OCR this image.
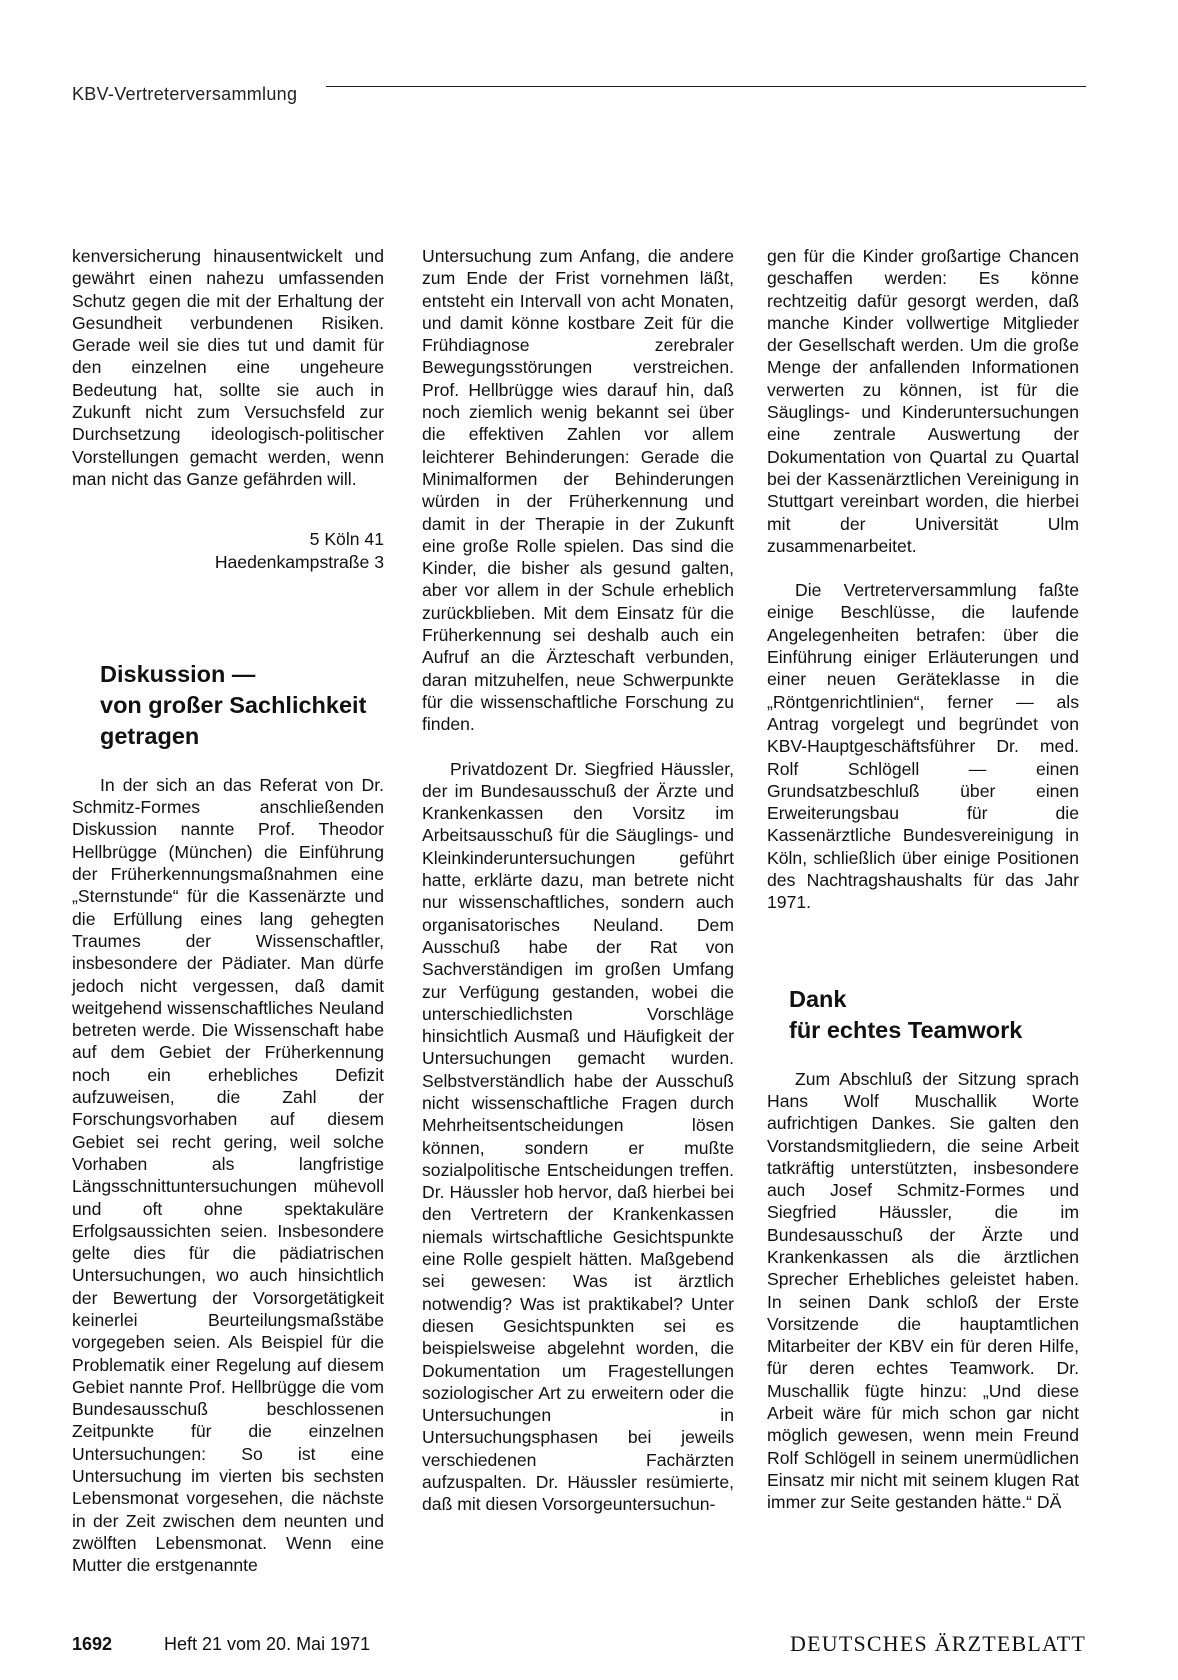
KBV-Vertreterversammlung

kenversicherung hinausentwickelt und gewährt einen nahezu umfassenden Schutz gegen die mit der Erhaltung der Gesundheit verbundenen Risiken. Gerade weil sie dies tut und damit für den einzelnen eine ungeheure Bedeutung hat, sollte sie auch in Zukunft nicht zum Versuchsfeld zur Durchsetzung ideologisch-politischer Vorstellungen gemacht werden, wenn man nicht das Ganze gefährden will.

5 Köln 41
Haedenkampstraße 3
Diskussion —
von großer Sachlichkeit
getragen

In der sich an das Referat von Dr. Schmitz-Formes anschließenden Diskussion nannte Prof. Theodor Hellbrügge (München) die Einführung der Früherkennungsmaßnahmen eine „Sternstunde“ für die Kassenärzte und die Erfüllung eines lang gehegten Traumes der Wissenschaftler, insbesondere der Pädiater. Man dürfe jedoch nicht vergessen, daß damit weitgehend wissenschaftliches Neuland betreten werde. Die Wissenschaft habe auf dem Gebiet der Früherkennung noch ein erhebliches Defizit aufzuweisen, die Zahl der Forschungsvorhaben auf diesem Gebiet sei recht gering, weil solche Vorhaben als langfristige Längsschnittuntersuchungen mühevoll und oft ohne spektakuläre Erfolgsaussichten seien. Insbesondere gelte dies für die pädiatrischen Untersuchungen, wo auch hinsichtlich der Bewertung der Vorsorgetätigkeit keinerlei Beurteilungsmaßstäbe vorgegeben seien. Als Beispiel für die Problematik einer Regelung auf diesem Gebiet nannte Prof. Hellbrügge die vom Bundesausschuß beschlossenen Zeitpunkte für die einzelnen Untersuchungen: So ist eine Untersuchung im vierten bis sechsten Lebensmonat vorgesehen, die nächste in der Zeit zwischen dem neunten und zwölften Lebensmonat. Wenn eine Mutter die erstgenannte

Untersuchung zum Anfang, die andere zum Ende der Frist vornehmen läßt, entsteht ein Intervall von acht Monaten, und damit könne kostbare Zeit für die Frühdiagnose zerebraler Bewegungsstörungen verstreichen. Prof. Hellbrügge wies darauf hin, daß noch ziemlich wenig bekannt sei über die effektiven Zahlen vor allem leichterer Behinderungen: Gerade die Minimalformen der Behinderungen würden in der Früherkennung und damit in der Therapie in der Zukunft eine große Rolle spielen. Das sind die Kinder, die bisher als gesund galten, aber vor allem in der Schule erheblich zurückblieben. Mit dem Einsatz für die Früherkennung sei deshalb auch ein Aufruf an die Ärzteschaft verbunden, daran mitzuhelfen, neue Schwerpunkte für die wissenschaftliche Forschung zu finden.

Privatdozent Dr. Siegfried Häussler, der im Bundesausschuß der Ärzte und Krankenkassen den Vorsitz im Arbeitsausschuß für die Säuglings- und Kleinkinderuntersuchungen geführt hatte, erklärte dazu, man betrete nicht nur wissenschaftliches, sondern auch organisatorisches Neuland. Dem Ausschuß habe der Rat von Sachverständigen im großen Umfang zur Verfügung gestanden, wobei die unterschiedlichsten Vorschläge hinsichtlich Ausmaß und Häufigkeit der Untersuchungen gemacht wurden. Selbstverständlich habe der Ausschuß nicht wissenschaftliche Fragen durch Mehrheitsentscheidungen lösen können, sondern er mußte sozialpolitische Entscheidungen treffen. Dr. Häussler hob hervor, daß hierbei bei den Vertretern der Krankenkassen niemals wirtschaftliche Gesichtspunkte eine Rolle gespielt hätten. Maßgebend sei gewesen: Was ist ärztlich notwendig? Was ist praktikabel? Unter diesen Gesichtspunkten sei es beispielsweise abgelehnt worden, die Dokumentation um Fragestellungen soziologischer Art zu erweitern oder die Untersuchungen in Untersuchungsphasen bei jeweils verschiedenen Fachärzten aufzuspalten. Dr. Häussler resümierte, daß mit diesen Vorsorgeuntersuchun-

gen für die Kinder großartige Chancen geschaffen werden: Es könne rechtzeitig dafür gesorgt werden, daß manche Kinder vollwertige Mitglieder der Gesellschaft werden. Um die große Menge der anfallenden Informationen verwerten zu können, ist für die Säuglings- und Kinderuntersuchungen eine zentrale Auswertung der Dokumentation von Quartal zu Quartal bei der Kassenärztlichen Vereinigung in Stuttgart vereinbart worden, die hierbei mit der Universität Ulm zusammenarbeitet.

Die Vertreterversammlung faßte einige Beschlüsse, die laufende Angelegenheiten betrafen: über die Einführung einiger Erläuterungen und einer neuen Geräteklasse in die „Röntgenrichtlinien“, ferner — als Antrag vorgelegt und begründet von KBV-Hauptgeschäftsführer Dr. med. Rolf Schlögell — einen Grundsatzbeschluß über einen Erweiterungsbau für die Kassenärztliche Bundesvereinigung in Köln, schließlich über einige Positionen des Nachtragshaushalts für das Jahr 1971.

Dank
für echtes Teamwork

Zum Abschluß der Sitzung sprach Hans Wolf Muschallik Worte aufrichtigen Dankes. Sie galten den Vorstandsmitgliedern, die seine Arbeit tatkräftig unterstützten, insbesondere auch Josef Schmitz-Formes und Siegfried Häussler, die im Bundesausschuß der Ärzte und Krankenkassen als die ärztlichen Sprecher Erhebliches geleistet haben. In seinen Dank schloß der Erste Vorsitzende die hauptamtlichen Mitarbeiter der KBV ein für deren Hilfe, für deren echtes Teamwork. Dr. Muschallik fügte hinzu: „Und diese Arbeit wäre für mich schon gar nicht möglich gewesen, wenn mein Freund Rolf Schlögell in seinem unermüdlichen Einsatz mir nicht mit seinem klugen Rat immer zur Seite gestanden hätte.“ DÄ

1692	Heft 21 vom 20. Mai 1971	DEUTSCHES ÄRZTEBLATT
